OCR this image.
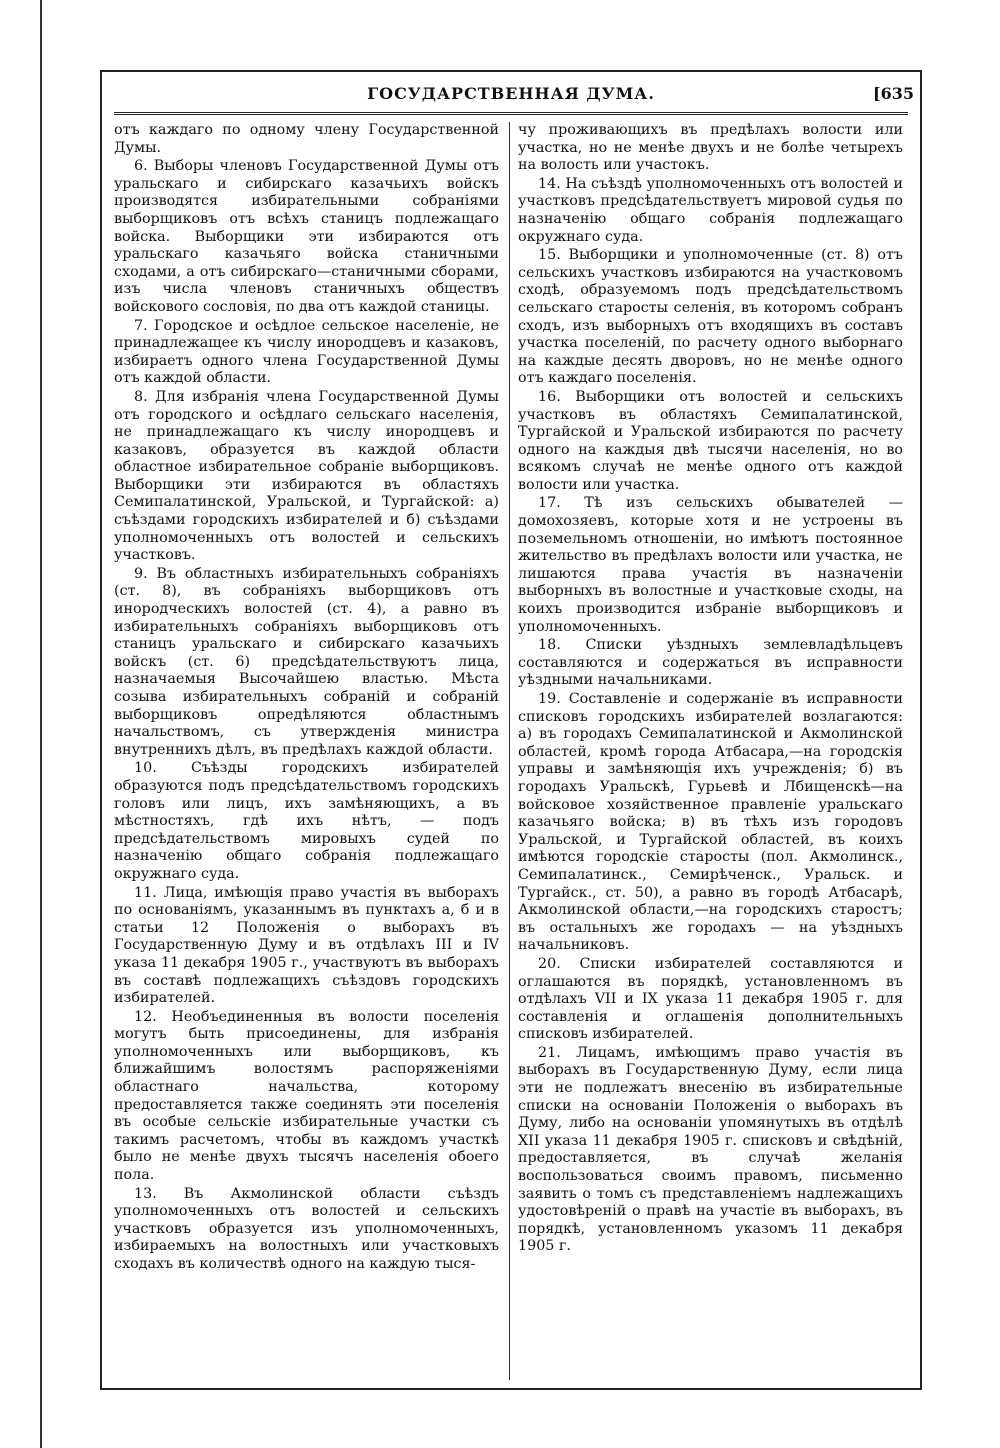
ГОСУДАРСТВЕННАЯ ДУМА.	[635

отъ каждаго по одному члену Государственной Думы.

6. Выборы членовъ Государственной Думы отъ уральскаго и сибирскаго казачьихъ войскъ производятся избирательными собраніями выборщиковъ отъ всѣхъ станицъ подлежащаго войска. Выборщики эти избираются отъ уральскаго казачьяго войска станичными сходами, а отъ сибирскаго—станичными сборами, изъ числа членовъ станичныхъ обществъ войскового сословія, по два отъ каждой станицы.

7. Городское и осѣдлое сельское населеніе, не принадлежащее къ числу инородцевъ и казаковъ, избираетъ одного члена Государственной Думы отъ каждой области.

8. Для избранія члена Государственной Думы отъ городского и осѣдлаго сельскаго населенія, не принадлежащаго къ числу инородцевъ и казаковъ, образуется въ каждой области областное избирательное собраніе выборщиковъ. Выборщики эти избираются въ областяхъ Семипалатинской, Уральской, и Тургайской: а) съѣздами городскихъ избирателей и б) съѣздами уполномоченныхъ отъ волостей и сельскихъ участковъ.

9. Въ областныхъ избирательныхъ собраніяхъ (ст. 8), въ собраніяхъ выборщиковъ отъ инородческихъ волостей (ст. 4), а равно въ избирательныхъ собраніяхъ выборщиковъ отъ станицъ уральскаго и сибирскаго казачьихъ войскъ (ст. 6) предсѣдательствуютъ лица, назначаемыя Высочайшею властью. Мѣста созыва избирательныхъ собраній и собраній выборщиковъ опредѣляются областнымъ начальствомъ, съ утвержденія министра внутреннихъ дѣлъ, въ предѣлахъ каждой области.

10. Съѣзды городскихъ избирателей образуются подъ предсѣдательствомъ городскихъ головъ или лицъ, ихъ замѣняющихъ, а въ мѣстностяхъ, гдѣ ихъ нѣтъ, — подъ предсѣдательствомъ мировыхъ судей по назначенію общаго собранія подлежащаго окружнаго суда.

11. Лица, имѣющія право участія въ выборахъ по основаніямъ, указаннымъ въ пунктахъ а, б и в статьи 12 Положенія о выборахъ въ Государственную Думу и въ отдѣлахъ III и IV указа 11 декабря 1905 г., участвуютъ въ выборахъ въ составѣ подлежащихъ съѣздовъ городскихъ избирателей.

12. Необъединенныя въ волости поселенія могутъ быть присоединены, для избранія уполномоченныхъ или выборщиковъ, къ ближайшимъ волостямъ распоряженіями областнаго начальства, которому предоставляется также соединять эти поселенія въ особые сельскіе избирательные участки съ такимъ расчетомъ, чтобы въ каждомъ участкѣ было не менѣе двухъ тысячъ населенія обоего пола.

13. Въ Акмолинской области съѣздъ уполномоченныхъ отъ волостей и сельскихъ участковъ образуется изъ уполномоченныхъ, избираемыхъ на волостныхъ или участковыхъ сходахъ въ количествѣ одного на каждую тыся-

чу проживающихъ въ предѣлахъ волости или участка, но не менѣе двухъ и не болѣе четырехъ на волость или участокъ.

14. На съѣздѣ уполномоченныхъ отъ волостей и участковъ предсѣдательствуетъ мировой судья по назначенію общаго собранія подлежащаго окружнаго суда.

15. Выборщики и уполномоченные (ст. 8) отъ сельскихъ участковъ избираются на участковомъ сходѣ, образуемомъ подъ предсѣдательствомъ сельскаго старосты селенія, въ которомъ собранъ сходъ, изъ выборныхъ отъ входящихъ въ составъ участка поселеній, по расчету одного выборнаго на каждые десять дворовъ, но не менѣе одного отъ каждаго поселенія.

16. Выборщики отъ волостей и сельскихъ участковъ въ областяхъ Семипалатинской, Тургайской и Уральской избираются по расчету одного на каждыя двѣ тысячи населенія, но во всякомъ случаѣ не менѣе одного отъ каждой волости или участка.

17. Тѣ изъ сельскихъ обывателей — домохозяевъ, которые хотя и не устроены въ поземельномъ отношеніи, но имѣютъ постоянное жительство въ предѣлахъ волости или участка, не лишаются права участія въ назначеніи выборныхъ въ волостные и участковые сходы, на коихъ производится избраніе выборщиковъ и уполномоченныхъ.

18. Списки уѣздныхъ землевладѣльцевъ составляются и содержаться въ исправности уѣздными начальниками.

19. Составленіе и содержаніе въ исправности списковъ городскихъ избирателей возлагаются: а) въ городахъ Семипалатинской и Акмолинской областей, кромѣ города Атбасара,—на городскія управы и замѣняющія ихъ учрежденія; б) въ городахъ Уральскѣ, Гурьевѣ и Лбищенскѣ—на войсковое хозяйственное правленіе уральскаго казачьяго войска; в) въ тѣхъ изъ городовъ Уральской, и Тургайской областей, въ коихъ имѣются городскіе старосты (пол. Акмолинск., Семипалатинск., Семирѣченск., Уральск. и Тургайск., ст. 50), а равно въ городѣ Атбасарѣ, Акмолинской области,—на городскихъ старостъ; въ остальныхъ же городахъ — на уѣздныхъ начальниковъ.

20. Списки избирателей составляются и оглашаются въ порядкѣ, установленномъ въ отдѣлахъ VII и IX указа 11 декабря 1905 г. для составленія и оглашенія дополнительныхъ списковъ избирателей.

21. Лицамъ, имѣющимъ право участія въ выборахъ въ Государственную Думу, если лица эти не подлежатъ внесенію въ избирательные списки на основаніи Положенія о выборахъ въ Думу, либо на основаніи упомянутыхъ въ отдѣлѣ XII указа 11 декабря 1905 г. списковъ и свѣдѣній, предоставляется, въ случаѣ желанія воспользоваться своимъ правомъ, письменно заявить о томъ съ представленіемъ надлежащихъ удостовѣреній о правѣ на участіе въ выборахъ, въ порядкѣ, установленномъ указомъ 11 декабря 1905 г.
